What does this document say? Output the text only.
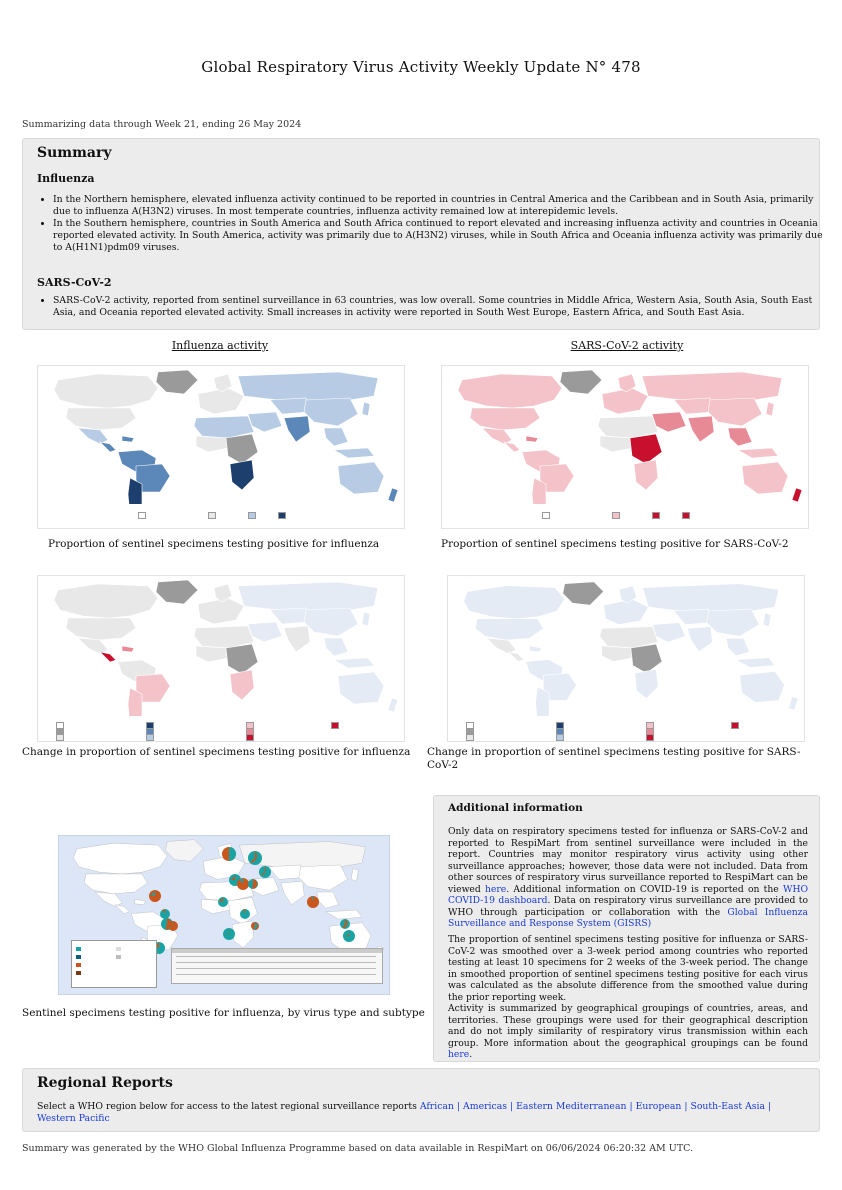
Global Respiratory Virus Activity Weekly Update N° 478
Summarizing data through Week 21, ending 26 May 2024
Summary
Influenza
• In the Northern hemisphere, elevated influenza activity continued to be reported in countries in Central America and the Caribbean and in South Asia, primarily due to influenza A(H3N2) viruses. In most temperate countries, influenza activity remained low at interepidemic levels.
• In the Southern hemisphere, countries in South America and South Africa continued to report elevated and increasing influenza activity and countries in Oceania reported elevated activity. In South America, activity was primarily due to A(H3N2) viruses, while in South Africa and Oceania influenza activity was primarily due to A(H1N1)pdm09 viruses.
SARS-CoV-2
• SARS-CoV-2 activity, reported from sentinel surveillance in 63 countries, was low overall. Some countries in Middle Africa, Western Asia, South Asia, South East Asia, and Oceania reported elevated activity. Small increases in activity were reported in South West Europe, Eastern Africa, and South East Asia.
Influenza activity	SARS-CoV-2 activity
Proportion of sentinel specimens testing positive for influenza	Proportion of sentinel specimens testing positive for SARS-CoV-2
Change in proportion of sentinel specimens testing positive for influenza	Change in proportion of sentinel specimens testing positive for SARS-CoV-2
Sentinel specimens testing positive for influenza, by virus type and subtype
Additional information
Only data on respiratory specimens tested for influenza or SARS-CoV-2 and reported to RespiMart from sentinel surveillance were included in the report. Countries may monitor respiratory virus activity using other surveillance approaches; however, those data were not included. Data from other sources of respiratory virus surveillance reported to RespiMart can be viewed here. Additional information on COVID-19 is reported on the WHO COVID-19 dashboard. Data on respiratory virus surveillance are provided to WHO through participation or collaboration with the Global Influenza Surveillance and Response System (GISRS)
The proportion of sentinel specimens testing positive for influenza or SARS-CoV-2 was smoothed over a 3-week period among countries who reported testing at least 10 specimens for 2 weeks of the 3-week period. The change in smoothed proportion of sentinel specimens testing positive for each virus was calculated as the absolute difference from the smoothed value during the prior reporting week.
Activity is summarized by geographical groupings of countries, areas, and territories. These groupings were used for their geographical description and do not imply similarity of respiratory virus transmission within each group. More information about the geographical groupings can be found here.
Regional Reports
Select a WHO region below for access to the latest regional surveillance reports African | Americas | Eastern Mediterranean | European | South-East Asia | Western Pacific
Summary was generated by the WHO Global Influenza Programme based on data available in RespiMart on 06/06/2024 06:20:32 AM UTC.
